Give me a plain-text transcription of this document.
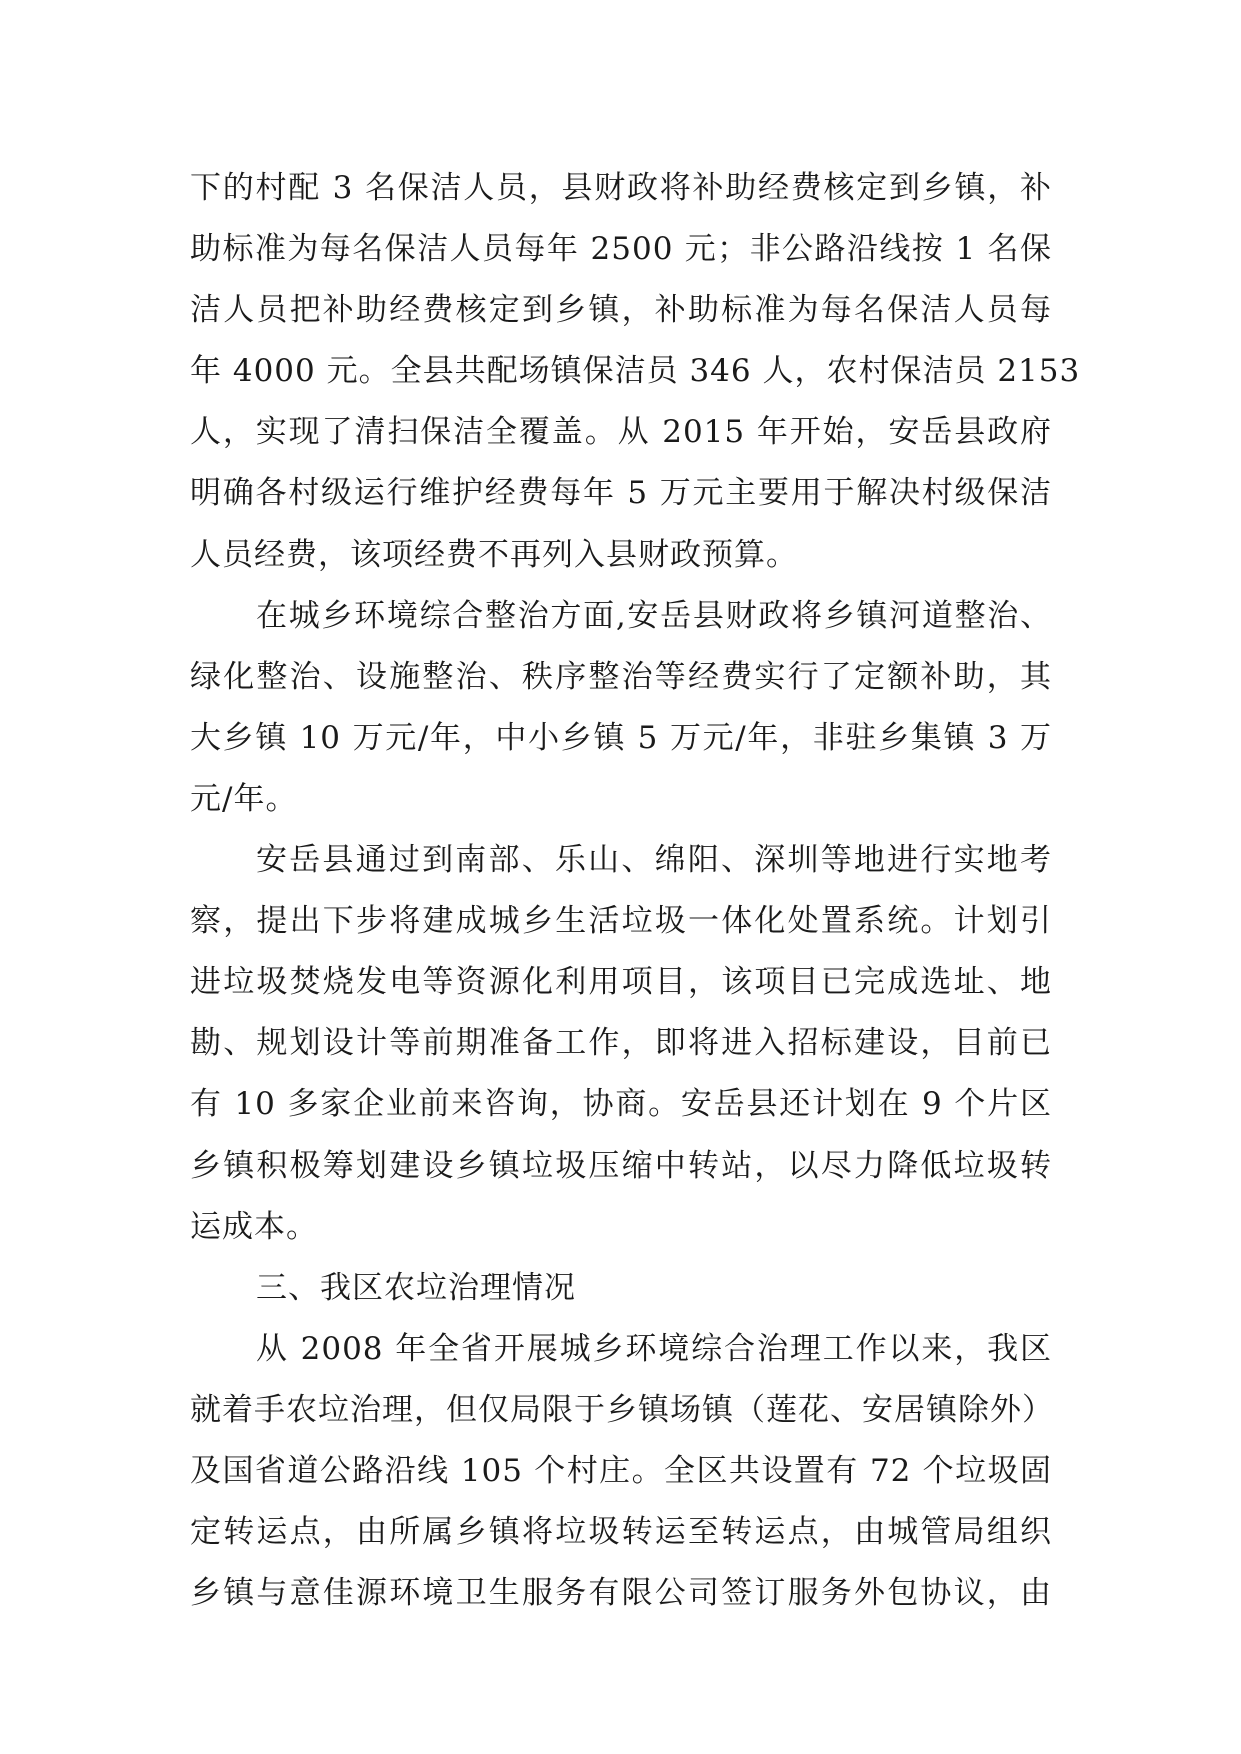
下的村配 3 名保洁人员，县财政将补助经费核定到乡镇，补
助标准为每名保洁人员每年 2500 元；非公路沿线按 1 名保
洁人员把补助经费核定到乡镇，补助标准为每名保洁人员每
年 4000 元。全县共配场镇保洁员 346 人，农村保洁员 2153
人，实现了清扫保洁全覆盖。从 2015 年开始，安岳县政府
明确各村级运行维护经费每年 5 万元主要用于解决村级保洁
人员经费，该项经费不再列入县财政预算。
在城乡环境综合整治方面,安岳县财政将乡镇河道整治、
绿化整治、设施整治、秩序整治等经费实行了定额补助，其
大乡镇 10 万元/年，中小乡镇 5 万元/年，非驻乡集镇 3 万
元/年。
安岳县通过到南部、乐山、绵阳、深圳等地进行实地考
察，提出下步将建成城乡生活垃圾一体化处置系统。计划引
进垃圾焚烧发电等资源化利用项目，该项目已完成选址、地
勘、规划设计等前期准备工作，即将进入招标建设，目前已
有 10 多家企业前来咨询，协商。安岳县还计划在 9 个片区
乡镇积极筹划建设乡镇垃圾压缩中转站，以尽力降低垃圾转
运成本。
三、我区农垃治理情况
从 2008 年全省开展城乡环境综合治理工作以来，我区
就着手农垃治理，但仅局限于乡镇场镇（莲花、安居镇除外）
及国省道公路沿线 105 个村庄。全区共设置有 72 个垃圾固
定转运点，由所属乡镇将垃圾转运至转运点，由城管局组织
乡镇与意佳源环境卫生服务有限公司签订服务外包协议，由
